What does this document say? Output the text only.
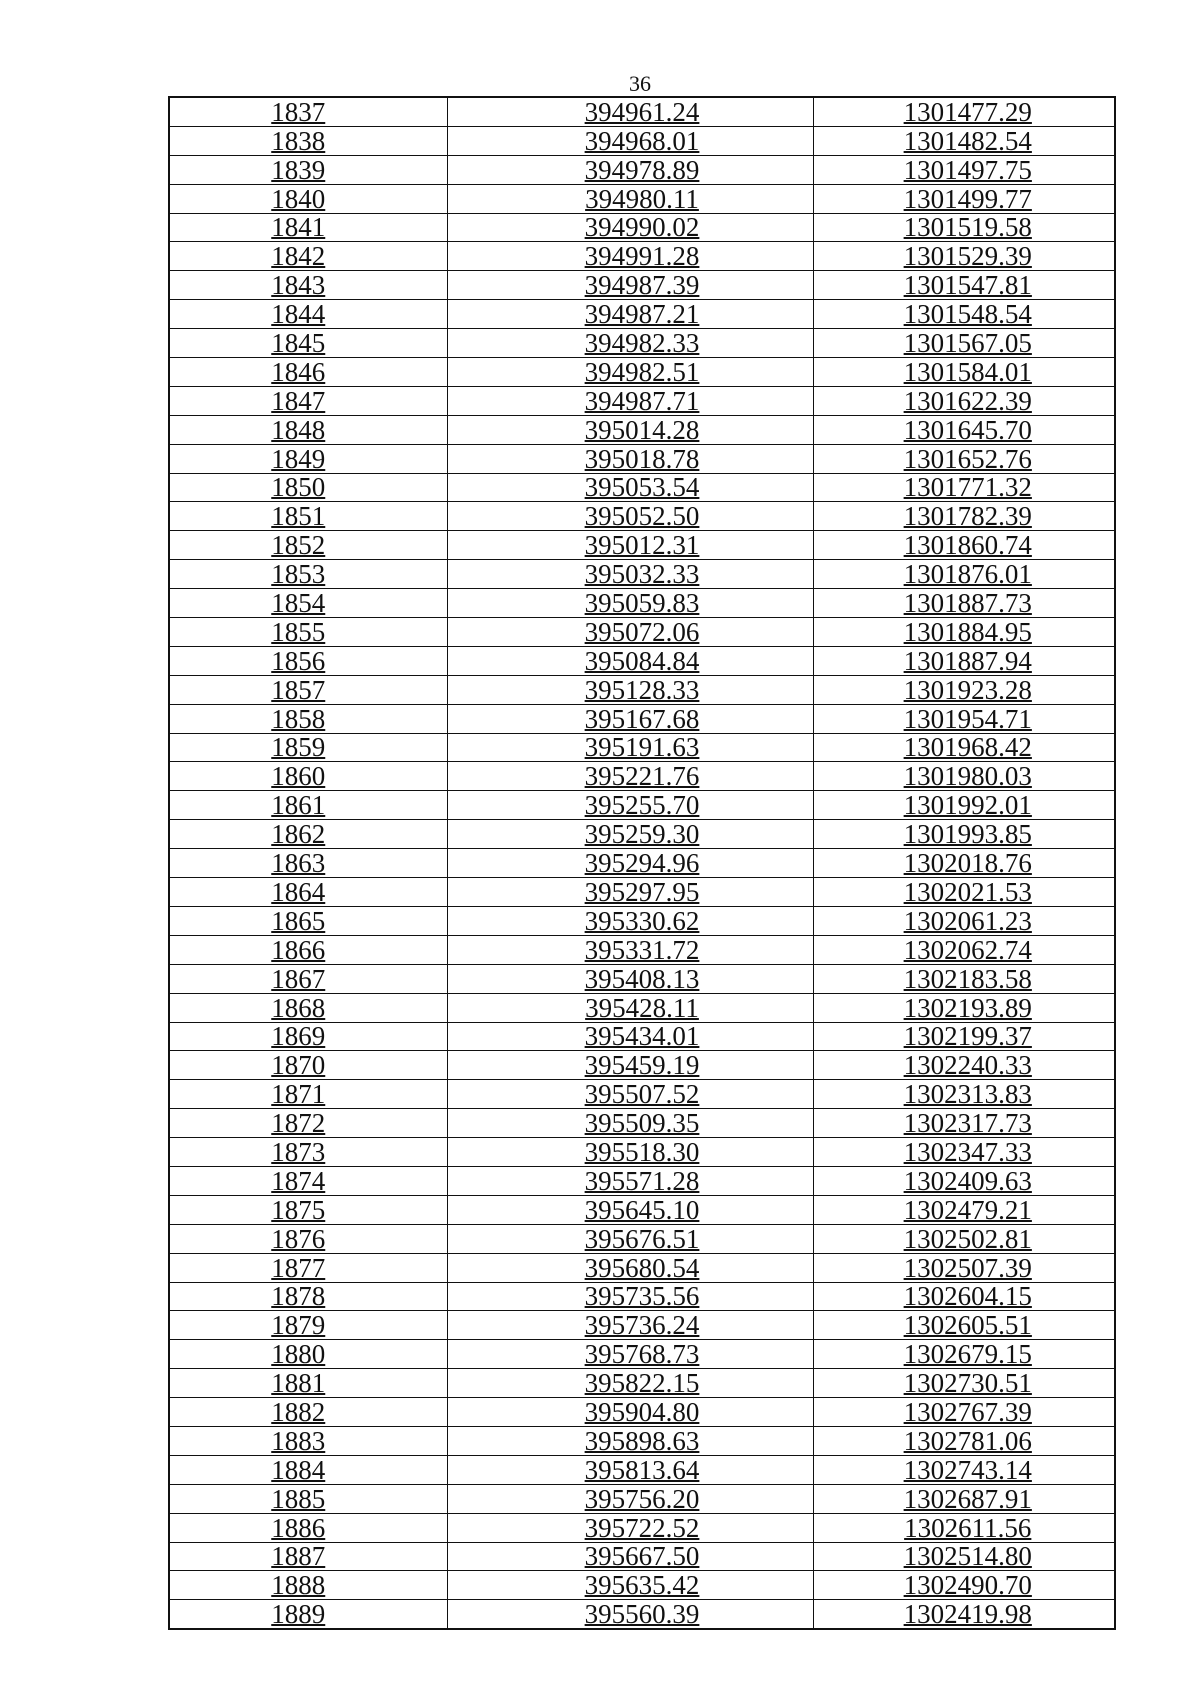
36
1837	394961.24	1301477.29
1838	394968.01	1301482.54
1839	394978.89	1301497.75
1840	394980.11	1301499.77
1841	394990.02	1301519.58
1842	394991.28	1301529.39
1843	394987.39	1301547.81
1844	394987.21	1301548.54
1845	394982.33	1301567.05
1846	394982.51	1301584.01
1847	394987.71	1301622.39
1848	395014.28	1301645.70
1849	395018.78	1301652.76
1850	395053.54	1301771.32
1851	395052.50	1301782.39
1852	395012.31	1301860.74
1853	395032.33	1301876.01
1854	395059.83	1301887.73
1855	395072.06	1301884.95
1856	395084.84	1301887.94
1857	395128.33	1301923.28
1858	395167.68	1301954.71
1859	395191.63	1301968.42
1860	395221.76	1301980.03
1861	395255.70	1301992.01
1862	395259.30	1301993.85
1863	395294.96	1302018.76
1864	395297.95	1302021.53
1865	395330.62	1302061.23
1866	395331.72	1302062.74
1867	395408.13	1302183.58
1868	395428.11	1302193.89
1869	395434.01	1302199.37
1870	395459.19	1302240.33
1871	395507.52	1302313.83
1872	395509.35	1302317.73
1873	395518.30	1302347.33
1874	395571.28	1302409.63
1875	395645.10	1302479.21
1876	395676.51	1302502.81
1877	395680.54	1302507.39
1878	395735.56	1302604.15
1879	395736.24	1302605.51
1880	395768.73	1302679.15
1881	395822.15	1302730.51
1882	395904.80	1302767.39
1883	395898.63	1302781.06
1884	395813.64	1302743.14
1885	395756.20	1302687.91
1886	395722.52	1302611.56
1887	395667.50	1302514.80
1888	395635.42	1302490.70
1889	395560.39	1302419.98
